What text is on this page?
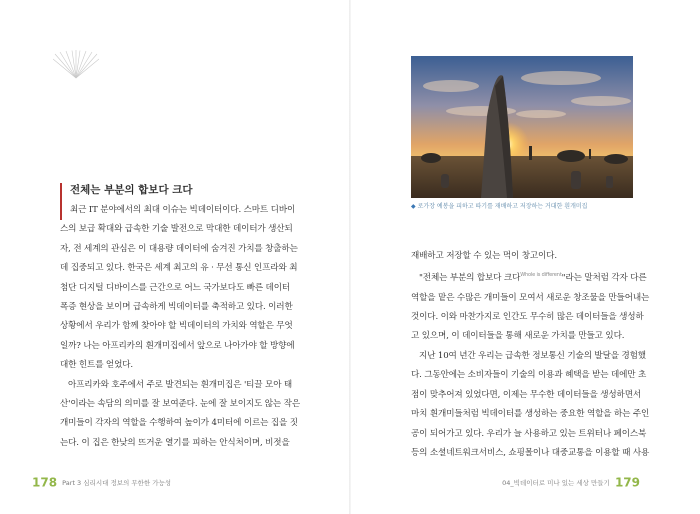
전체는 부분의 합보다 크다
최근 IT 분야에서의 최대 이슈는 빅데이터이다. 스마트 디바이
스의 보급 확대와 급속한 기술 발전으로 막대한 데이터가 생산되
자, 전 세계의 관심은 이 대용량 데이터에 숨겨진 가치를 창출하는
데 집중되고 있다. 한국은 세계 최고의 유 · 무선 통신 인프라와 최
첨단 디지털 디바이스를 근간으로 어느 국가보다도 빠른 데이터
폭증 현상을 보이며 급속하게 빅데이터를 축적하고 있다. 이러한
상황에서 우리가 함께 찾아야 할 빅데이터의 가치와 역할은 무엇
일까? 나는 아프리카의 흰개미집에서 앞으로 나아가야 할 방향에
대한 힌트를 얻었다.
아프리카와 호주에서 주로 발견되는 흰개미집은 '티끌 모아 태
산'이라는 속담의 의미를 잘 보여준다. 눈에 잘 보이지도 않는 작은
개미들이 각자의 역할을 수행하여 높이가 4미터에 이르는 집을 짓
는다. 이 집은 한낮의 뜨거운 열기를 피하는 안식처이며, 비젓을
178 Part 3 심리시대 정보의 무한한 가능성
◆ 로가장 예봉을 피하고 따기를 재배하고 저장하는 거대한 흰개미집
재배하고 저장할 수 있는 먹이 창고이다.
"전체는 부분의 합보다 크다$^{Whole is different}$"라는 말처럼 각자 다른
역할을 맡은 수많은 개미들이 모여서 새로운 창조물을 만들어내는
것이다. 이와 마찬가지로 인간도 무수히 많은 데이터들을 생성하
고 있으며, 이 데이터들을 통해 새로운 가치를 만들고 있다.
지난 10여 년간 우리는 급속한 정보통신 기술의 발달을 경험했
다. 그동안에는 소비자들이 기술의 이용과 혜택을 받는 데에만 초
점이 맞추어져 있었다면, 이제는 무수한 데이터들을 생성하면서
마치 흰개미들처럼 빅데이터를 생성하는 중요한 역할을 하는 주인
공이 되어가고 있다. 우리가 늘 사용하고 있는 트위터나 페이스북
등의 소셜네트워크서비스, 쇼핑몰이나 대중교통을 이용할 때 사용
04_빅데이터로 미나 있는 세상 만들기 179
